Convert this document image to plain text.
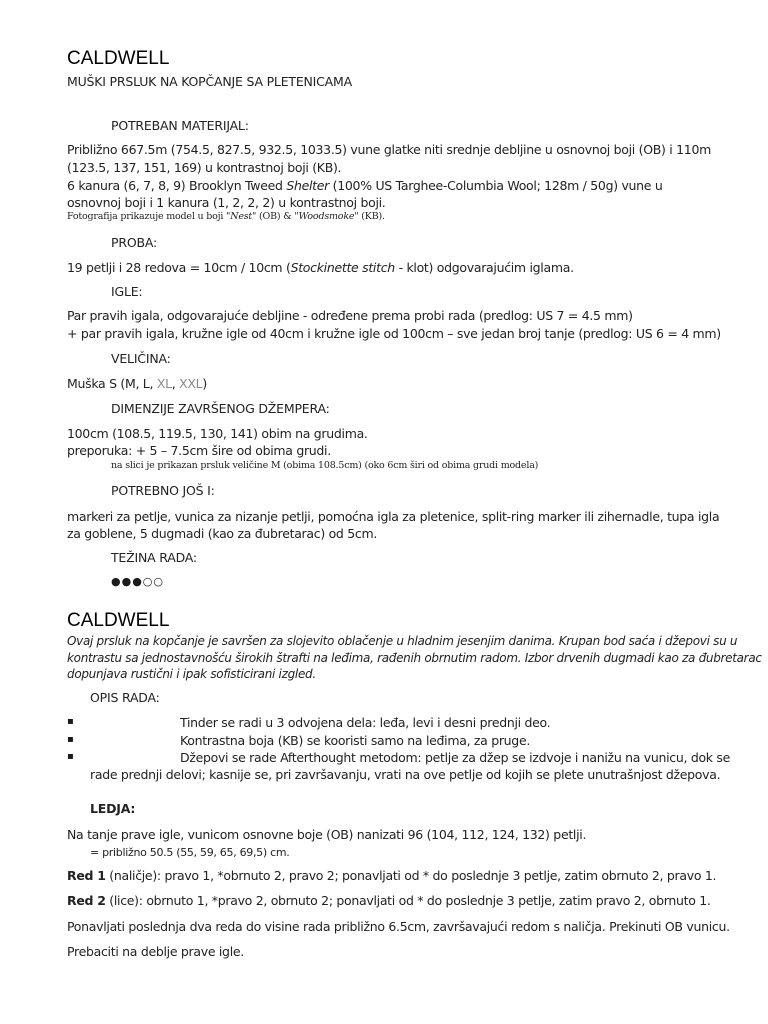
CALDWELL
MUŠKI PRSLUK NA KOPČANJE SA PLETENICAMA
POTREBAN MATERIJAL:
Približno 667.5m (754.5, 827.5, 932.5, 1033.5) vune glatke niti srednje debljine u osnovnoj boji (OB) i 110m
(123.5, 137, 151, 169) u kontrastnoj boji (KB).
6 kanura (6, 7, 8, 9) Brooklyn Tweed Shelter (100% US Targhee-Columbia Wool; 128m / 50g) vune u
osnovnoj boji i 1 kanura (1, 2, 2, 2) u kontrastnoj boji.
Fotografija prikazuje model u boji "Nest" (OB) & "Woodsmoke" (KB).
PROBA:
19 petlji i 28 redova = 10cm / 10cm (Stockinette stitch - klot) odgovarajućim iglama.
IGLE:
Par pravih igala, odgovarajuće debljine - određene prema probi rada (predlog: US 7 = 4.5 mm)
+ par pravih igala, kružne igle od 40cm i kružne igle od 100cm – sve jedan broj tanje (predlog: US 6 = 4 mm)
VELIČINA:
Muška S (M, L, XL, XXL)
DIMENZIJE ZAVRŠENOG DŽEMPERA:
100cm (108.5, 119.5, 130, 141) obim na grudima.
preporuka: + 5 – 7.5cm šire od obima grudi.
na slici je prikazan prsluk veličine M (obima 108.5cm) (oko 6cm širi od obima grudi modela)
POTREBNO JOŠ I:
markeri za petlje, vunica za nizanje petlji, pomoćna igla za pletenice, split-ring marker ili zihernadle, tupa igla
za goblene, 5 dugmadi (kao za đubretarac) od 5cm.
TEŽINA RADA:
●●●○○
CALDWELL
Ovaj prsluk na kopčanje je savršen za slojevito oblačenje u hladnim jesenjim danima. Krupan bod saća i džepovi su u
kontrastu sa jednostavnošću širokih štrafti na leđima, rađenih obrnutim radom. Izbor drvenih dugmadi kao za đubretarac
dopunjava rustični i ipak sofisticirani izgled.
OPIS RADA:
▪	Tinder se radi u 3 odvojena dela: leđa, levi i desni prednji deo.
▪	Kontrastna boja (KB) se kooristi samo na leđima, za pruge.
▪	Džepovi se rade Afterthought metodom: petlje za džep se izdvoje i nanižu na vunicu, dok se
rade prednji delovi; kasnije se, pri završavanju, vrati na ove petlje od kojih se plete unutrašnjost džepova.
LEDJA:
Na tanje prave igle, vunicom osnovne boje (OB) nanizati 96 (104, 112, 124, 132) petlji.
= približno 50.5 (55, 59, 65, 69,5) cm.
Red 1 (naličje): pravo 1, *obrnuto 2, pravo 2; ponavljati od * do poslednje 3 petlje, zatim obrnuto 2, pravo 1.
Red 2 (lice): obrnuto 1, *pravo 2, obrnuto 2; ponavljati od * do poslednje 3 petlje, zatim pravo 2, obrnuto 1.
Ponavljati poslednja dva reda do visine rada približno 6.5cm, završavajući redom s naličja. Prekinuti OB vunicu.
Prebaciti na deblje prave igle.
